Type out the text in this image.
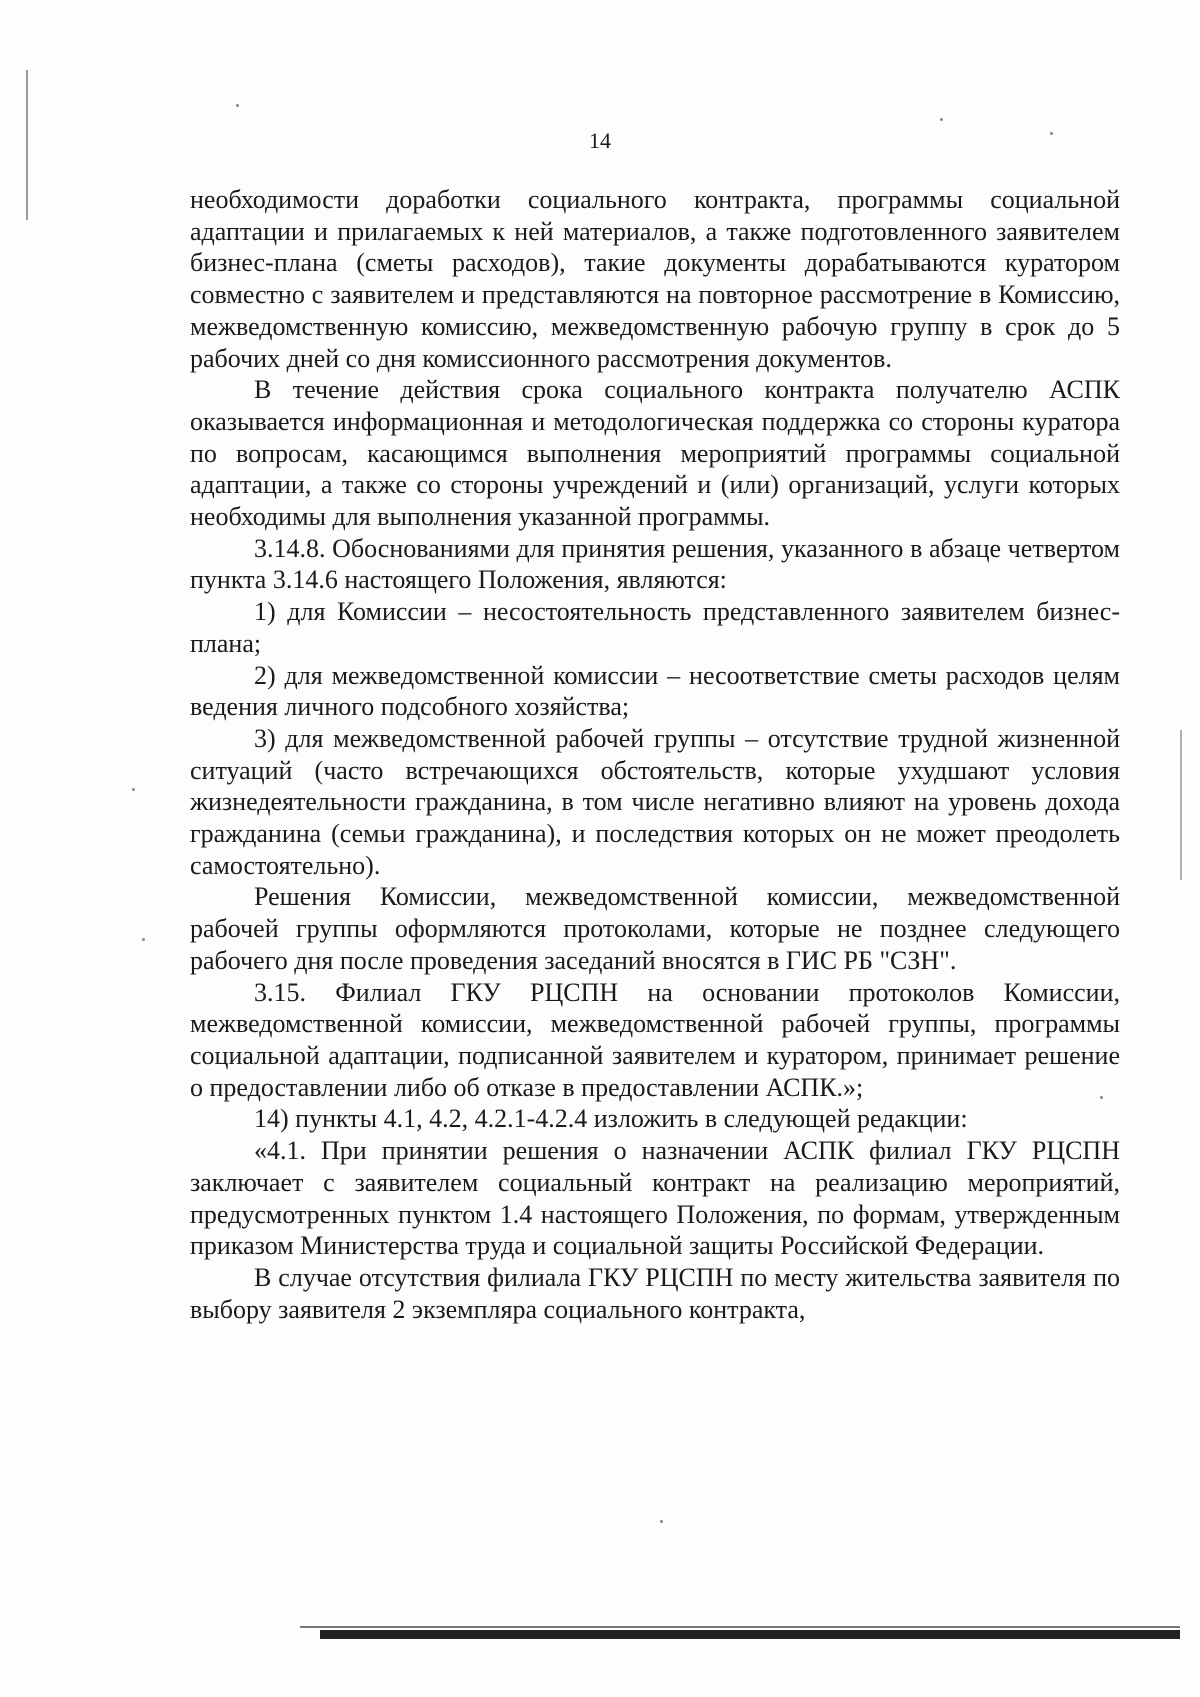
14

необходимости доработки социального контракта, программы социальной адаптации и прилагаемых к ней материалов, а также подготовленного заявителем бизнес-плана (сметы расходов), такие документы дорабатываются куратором совместно с заявителем и представляются на повторное рассмотрение в Комиссию, межведомственную комиссию, межведомственную рабочую группу в срок до 5 рабочих дней со дня комиссионного рассмотрения документов.

В течение действия срока социального контракта получателю АСПК оказывается информационная и методологическая поддержка со стороны куратора по вопросам, касающимся выполнения мероприятий программы социальной адаптации, а также со стороны учреждений и (или) организаций, услуги которых необходимы для выполнения указанной программы.

3.14.8. Обоснованиями для принятия решения, указанного в абзаце четвертом пункта 3.14.6 настоящего Положения, являются:

1) для Комиссии – несостоятельность представленного заявителем бизнес-плана;

2) для межведомственной комиссии – несоответствие сметы расходов целям ведения личного подсобного хозяйства;

3) для межведомственной рабочей группы – отсутствие трудной жизненной ситуаций (часто встречающихся обстоятельств, которые ухудшают условия жизнедеятельности гражданина, в том числе негативно влияют на уровень дохода гражданина (семьи гражданина), и последствия которых он не может преодолеть самостоятельно).

Решения Комиссии, межведомственной комиссии, межведомственной рабочей группы оформляются протоколами, которые не позднее следующего рабочего дня после проведения заседаний вносятся в ГИС РБ "СЗН".

3.15. Филиал ГКУ РЦСПН на основании протоколов Комиссии, межведомственной комиссии, межведомственной рабочей группы, программы социальной адаптации, подписанной заявителем и куратором, принимает решение о предоставлении либо об отказе в предоставлении АСПК.»;

14) пункты 4.1, 4.2, 4.2.1-4.2.4 изложить в следующей редакции:

«4.1. При принятии решения о назначении АСПК филиал ГКУ РЦСПН заключает с заявителем социальный контракт на реализацию мероприятий, предусмотренных пунктом 1.4 настоящего Положения, по формам, утвержденным приказом Министерства труда и социальной защиты Российской Федерации.

В случае отсутствия филиала ГКУ РЦСПН по месту жительства заявителя по выбору заявителя 2 экземпляра социального контракта,
